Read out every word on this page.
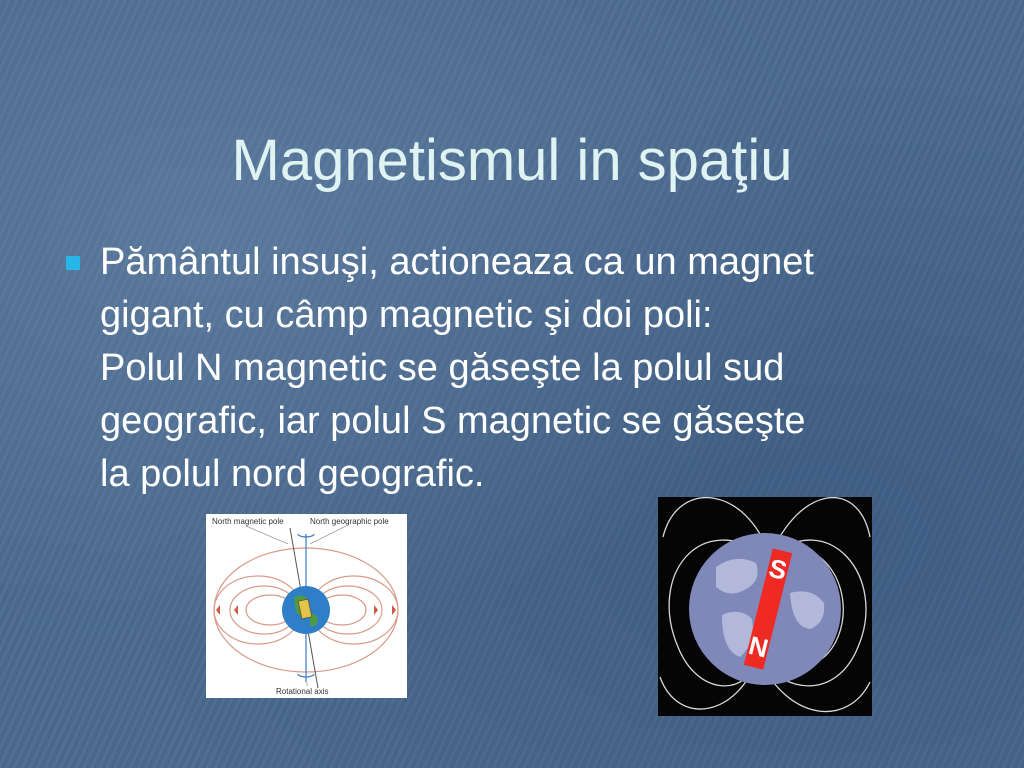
Magnetismul in spaţiu
Pământul insuşi, actioneaza ca un magnet
gigant, cu câmp magnetic şi doi poli:
Polul N magnetic se găseşte la polul sud
geografic, iar polul S magnetic se găseşte
la polul nord geografic.
North magnetic pole	North geographic pole
Rotational axis
S
N
